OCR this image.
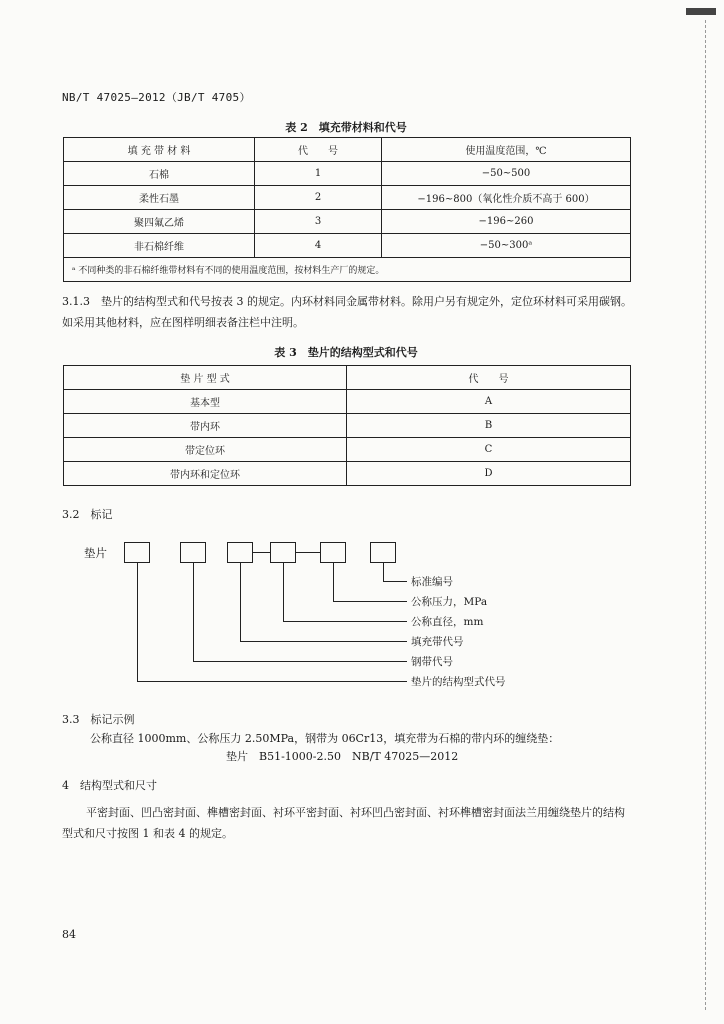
NB/T 47025—2012（JB/T 4705）
表 2　填充带材料和代号
填 充 带 材 料	代　　号	使用温度范围，℃
石棉	1	−50~500
柔性石墨	2	−196~800（氧化性介质不高于 600）
聚四氟乙烯	3	−196~260
非石棉纤维	4	−50~300ᵃ
ᵃ 不同种类的非石棉纤维带材料有不同的使用温度范围，按材料生产厂的规定。		
3.1.3　垫片的结构型式和代号按表 3 的规定。内环材料同金属带材料。除用户另有规定外，定位环材料可采用碳钢。如采用其他材料，应在图样明细表备注栏中注明。
表 3　垫片的结构型式和代号
垫 片 型 式	代　　号
基本型	A
带内环	B
带定位环	C
带内环和定位环	D
3.2　标记
垫片
标准编号
公称压力，MPa
公称直径，mm
填充带代号
钢带代号
垫片的结构型式代号
3.3　标记示例
公称直径 1000mm、公称压力 2.50MPa，钢带为 06Cr13，填充带为石棉的带内环的缠绕垫：
垫片　B51-1000-2.50　NB/T 47025—2012
4　结构型式和尺寸
平密封面、凹凸密封面、榫槽密封面、衬环平密封面、衬环凹凸密封面、衬环榫槽密封面法兰用缠绕垫片的结构型式和尺寸按图 1 和表 4 的规定。
84
